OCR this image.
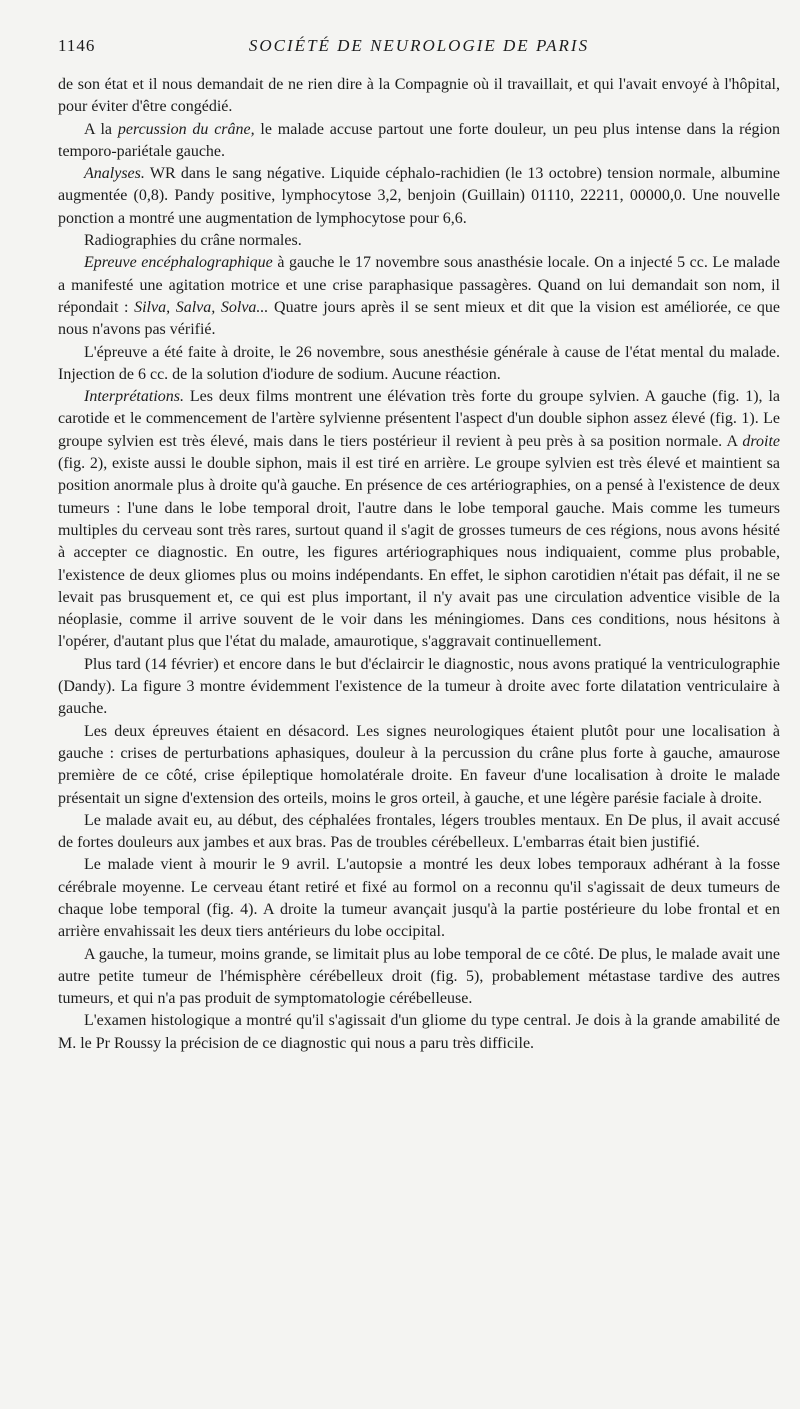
1146	SOCIÉTÉ DE NEUROLOGIE DE PARIS

de son état et il nous demandait de ne rien dire à la Compagnie où il travaillait, et qui l'avait envoyé à l'hôpital, pour éviter d'être congédié.

A la percussion du crâne, le malade accuse partout une forte douleur, un peu plus intense dans la région temporo-pariétale gauche.

Analyses. WR dans le sang négative. Liquide céphalo-rachidien (le 13 octobre) tension normale, albumine augmentée (0,8). Pandy positive, lymphocytose 3,2, benjoin (Guillain) 01110, 22211, 00000,0. Une nouvelle ponction a montré une augmentation de lymphocytose pour 6,6.

Radiographies du crâne normales.

Epreuve encéphalographique à gauche le 17 novembre sous anasthésie locale. On a injecté 5 cc. Le malade a manifesté une agitation motrice et une crise paraphasique passagères. Quand on lui demandait son nom, il répondait : Silva, Salva, Solva... Quatre jours après il se sent mieux et dit que la vision est améliorée, ce que nous n'avons pas vérifié.

L'épreuve a été faite à droite, le 26 novembre, sous anesthésie générale à cause de l'état mental du malade. Injection de 6 cc. de la solution d'iodure de sodium. Aucune réaction.

Interprétations. Les deux films montrent une élévation très forte du groupe sylvien. A gauche (fig. 1), la carotide et le commencement de l'artère sylvienne présentent l'aspect d'un double siphon assez élevé (fig. 1). Le groupe sylvien est très élevé, mais dans le tiers postérieur il revient à peu près à sa position normale. A droite (fig. 2), existe aussi le double siphon, mais il est tiré en arrière. Le groupe sylvien est très élevé et maintient sa position anormale plus à droite qu'à gauche. En présence de ces artériographies, on a pensé à l'existence de deux tumeurs : l'une dans le lobe temporal droit, l'autre dans le lobe temporal gauche. Mais comme les tumeurs multiples du cerveau sont très rares, surtout quand il s'agit de grosses tumeurs de ces régions, nous avons hésité à accepter ce diagnostic. En outre, les figures artériographiques nous indiquaient, comme plus probable, l'existence de deux gliomes plus ou moins indépendants. En effet, le siphon carotidien n'était pas défait, il ne se levait pas brusquement et, ce qui est plus important, il n'y avait pas une circulation adventice visible de la néoplasie, comme il arrive souvent de le voir dans les méningiomes. Dans ces conditions, nous hésitons à l'opérer, d'autant plus que l'état du malade, amaurotique, s'aggravait continuellement.

Plus tard (14 février) et encore dans le but d'éclaircir le diagnostic, nous avons pratiqué la ventriculographie (Dandy). La figure 3 montre évidemment l'existence de la tumeur à droite avec forte dilatation ventriculaire à gauche.

Les deux épreuves étaient en désacord. Les signes neurologiques étaient plutôt pour une localisation à gauche : crises de perturbations aphasiques, douleur à la percussion du crâne plus forte à gauche, amaurose première de ce côté, crise épileptique homolatérale droite. En faveur d'une localisation à droite le malade présentait un signe d'extension des orteils, moins le gros orteil, à gauche, et une légère parésie faciale à droite.

Le malade avait eu, au début, des céphalées frontales, légers troubles mentaux. En De plus, il avait accusé de fortes douleurs aux jambes et aux bras. Pas de troubles cérébelleux. L'embarras était bien justifié.

Le malade vient à mourir le 9 avril. L'autopsie a montré les deux lobes temporaux adhérant à la fosse cérébrale moyenne. Le cerveau étant retiré et fixé au formol on a reconnu qu'il s'agissait de deux tumeurs de chaque lobe temporal (fig. 4). A droite la tumeur avançait jusqu'à la partie postérieure du lobe frontal et en arrière envahissait les deux tiers antérieurs du lobe occipital.

A gauche, la tumeur, moins grande, se limitait plus au lobe temporal de ce côté. De plus, le malade avait une autre petite tumeur de l'hémisphère cérébelleux droit (fig. 5), probablement métastase tardive des autres tumeurs, et qui n'a pas produit de symptomatologie cérébelleuse.

L'examen histologique a montré qu'il s'agissait d'un gliome du type central. Je dois à la grande amabilité de M. le Pr Roussy la précision de ce diagnostic qui nous a paru très difficile.
